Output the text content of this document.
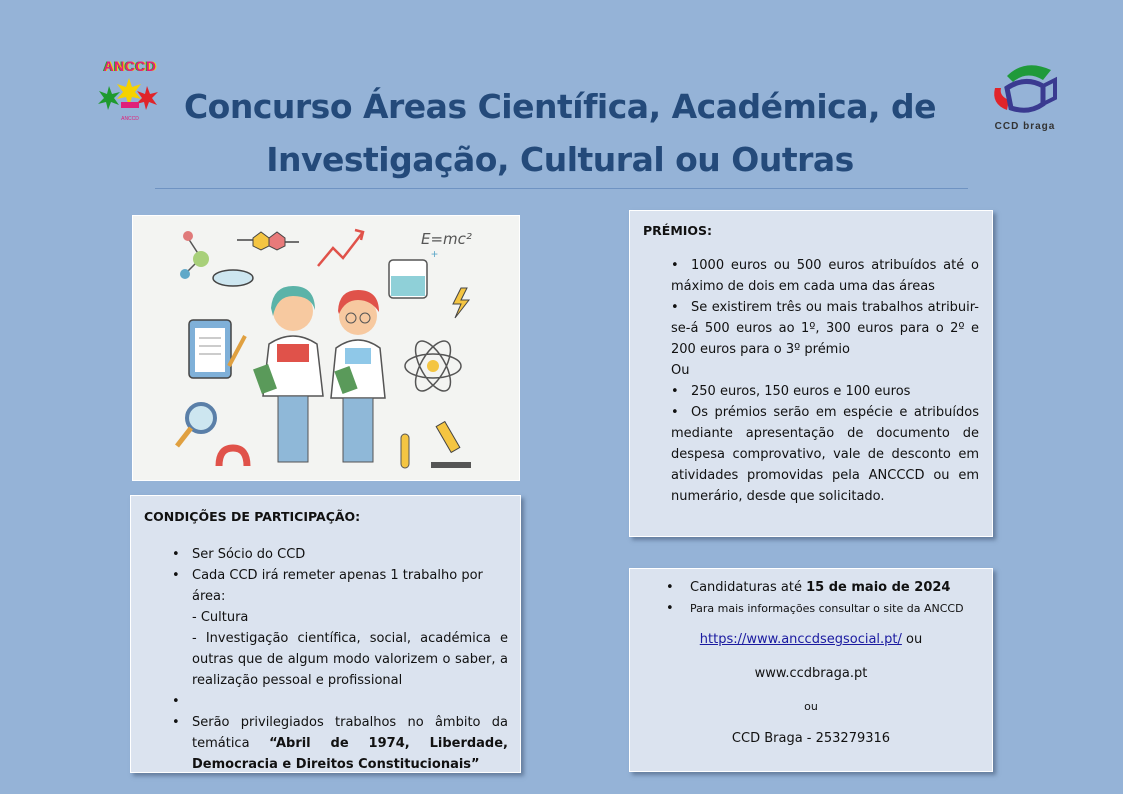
ANCCD
ANCCD
CCD braga
Concurso Áreas Científica, Académica, de
Investigação, Cultural ou Outras
E=mc²
+
CONDIÇÕES DE PARTICIPAÇÃO:
• Ser Sócio do CCD
• Cada CCD irá remeter apenas 1 trabalho por área:
- Cultura
- Investigação científica, social, académica e outras que de algum modo valorizem o saber, a realização pessoal e profissional
•

• Serão privilegiados trabalhos no âmbito da temática “Abril de 1974, Liberdade, Democracia e Direitos Constitucionais”
PRÉMIOS:
• 1000 euros ou 500 euros atribuídos até o máximo de dois em cada uma das áreas
• Se existirem três ou mais trabalhos atribuir-se-á 500 euros ao 1º, 300 euros para o 2º e 200 euros para o 3º prémio
Ou
• 250 euros, 150 euros e 100 euros
• Os prémios serão em espécie e atribuídos mediante apresentação de documento de despesa comprovativo, vale de desconto em atividades promovidas pela ANCCCD ou em numerário, desde que solicitado.
• Candidaturas até 15 de maio de 2024
• Para mais informações consultar o site da ANCCD
https://www.anccdsegsocial.pt/ ou
www.ccdbraga.pt
ou
CCD Braga - 253279316
